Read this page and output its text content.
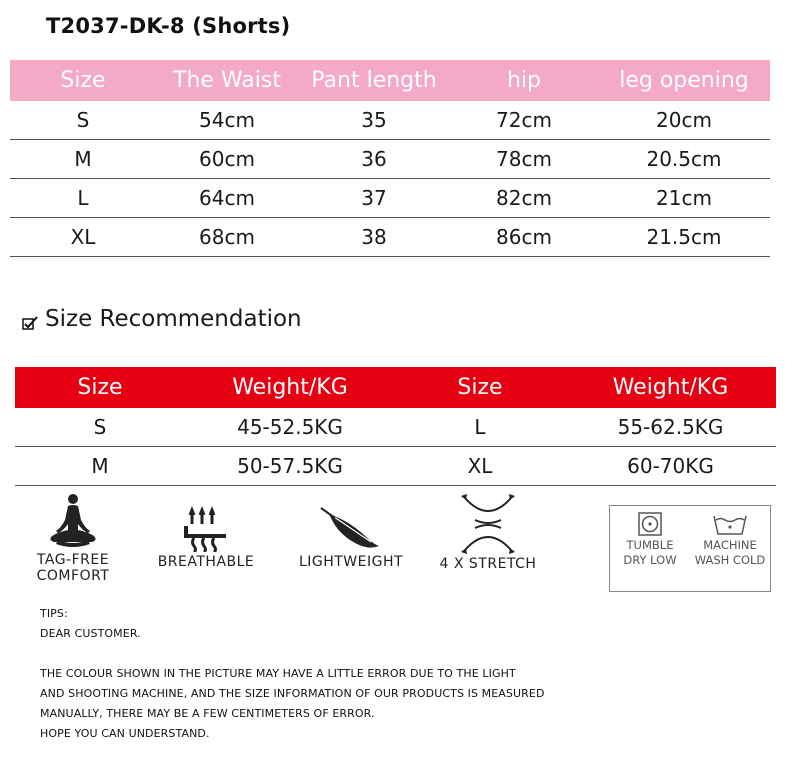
T2037-DK-8 (Shorts)
Size	The Waist	Pant length	hip	leg opening
S	54cm	35	72cm	20cm
M	60cm	36	78cm	20.5cm
L	64cm	37	82cm	21cm
XL	68cm	38	86cm	21.5cm
Size Recommendation
Size	Weight/KG	Size	Weight/KG
S	45-52.5KG	L	55-62.5KG
M	50-57.5KG	XL	60-70KG
TAG-FREE
COMFORT
BREATHABLE	LIGHTWEIGHT	4 X STRETCH
TUMBLE
DRY LOW
MACHINE
WASH COLD
TIPS:
DEAR CUSTOMER.
THE COLOUR SHOWN IN THE PICTURE MAY HAVE A LITTLE ERROR DUE TO THE LIGHT
AND SHOOTING MACHINE, AND THE SIZE INFORMATION OF OUR PRODUCTS IS MEASURED
MANUALLY, THERE MAY BE A FEW CENTIMETERS OF ERROR.
HOPE YOU CAN UNDERSTAND.
